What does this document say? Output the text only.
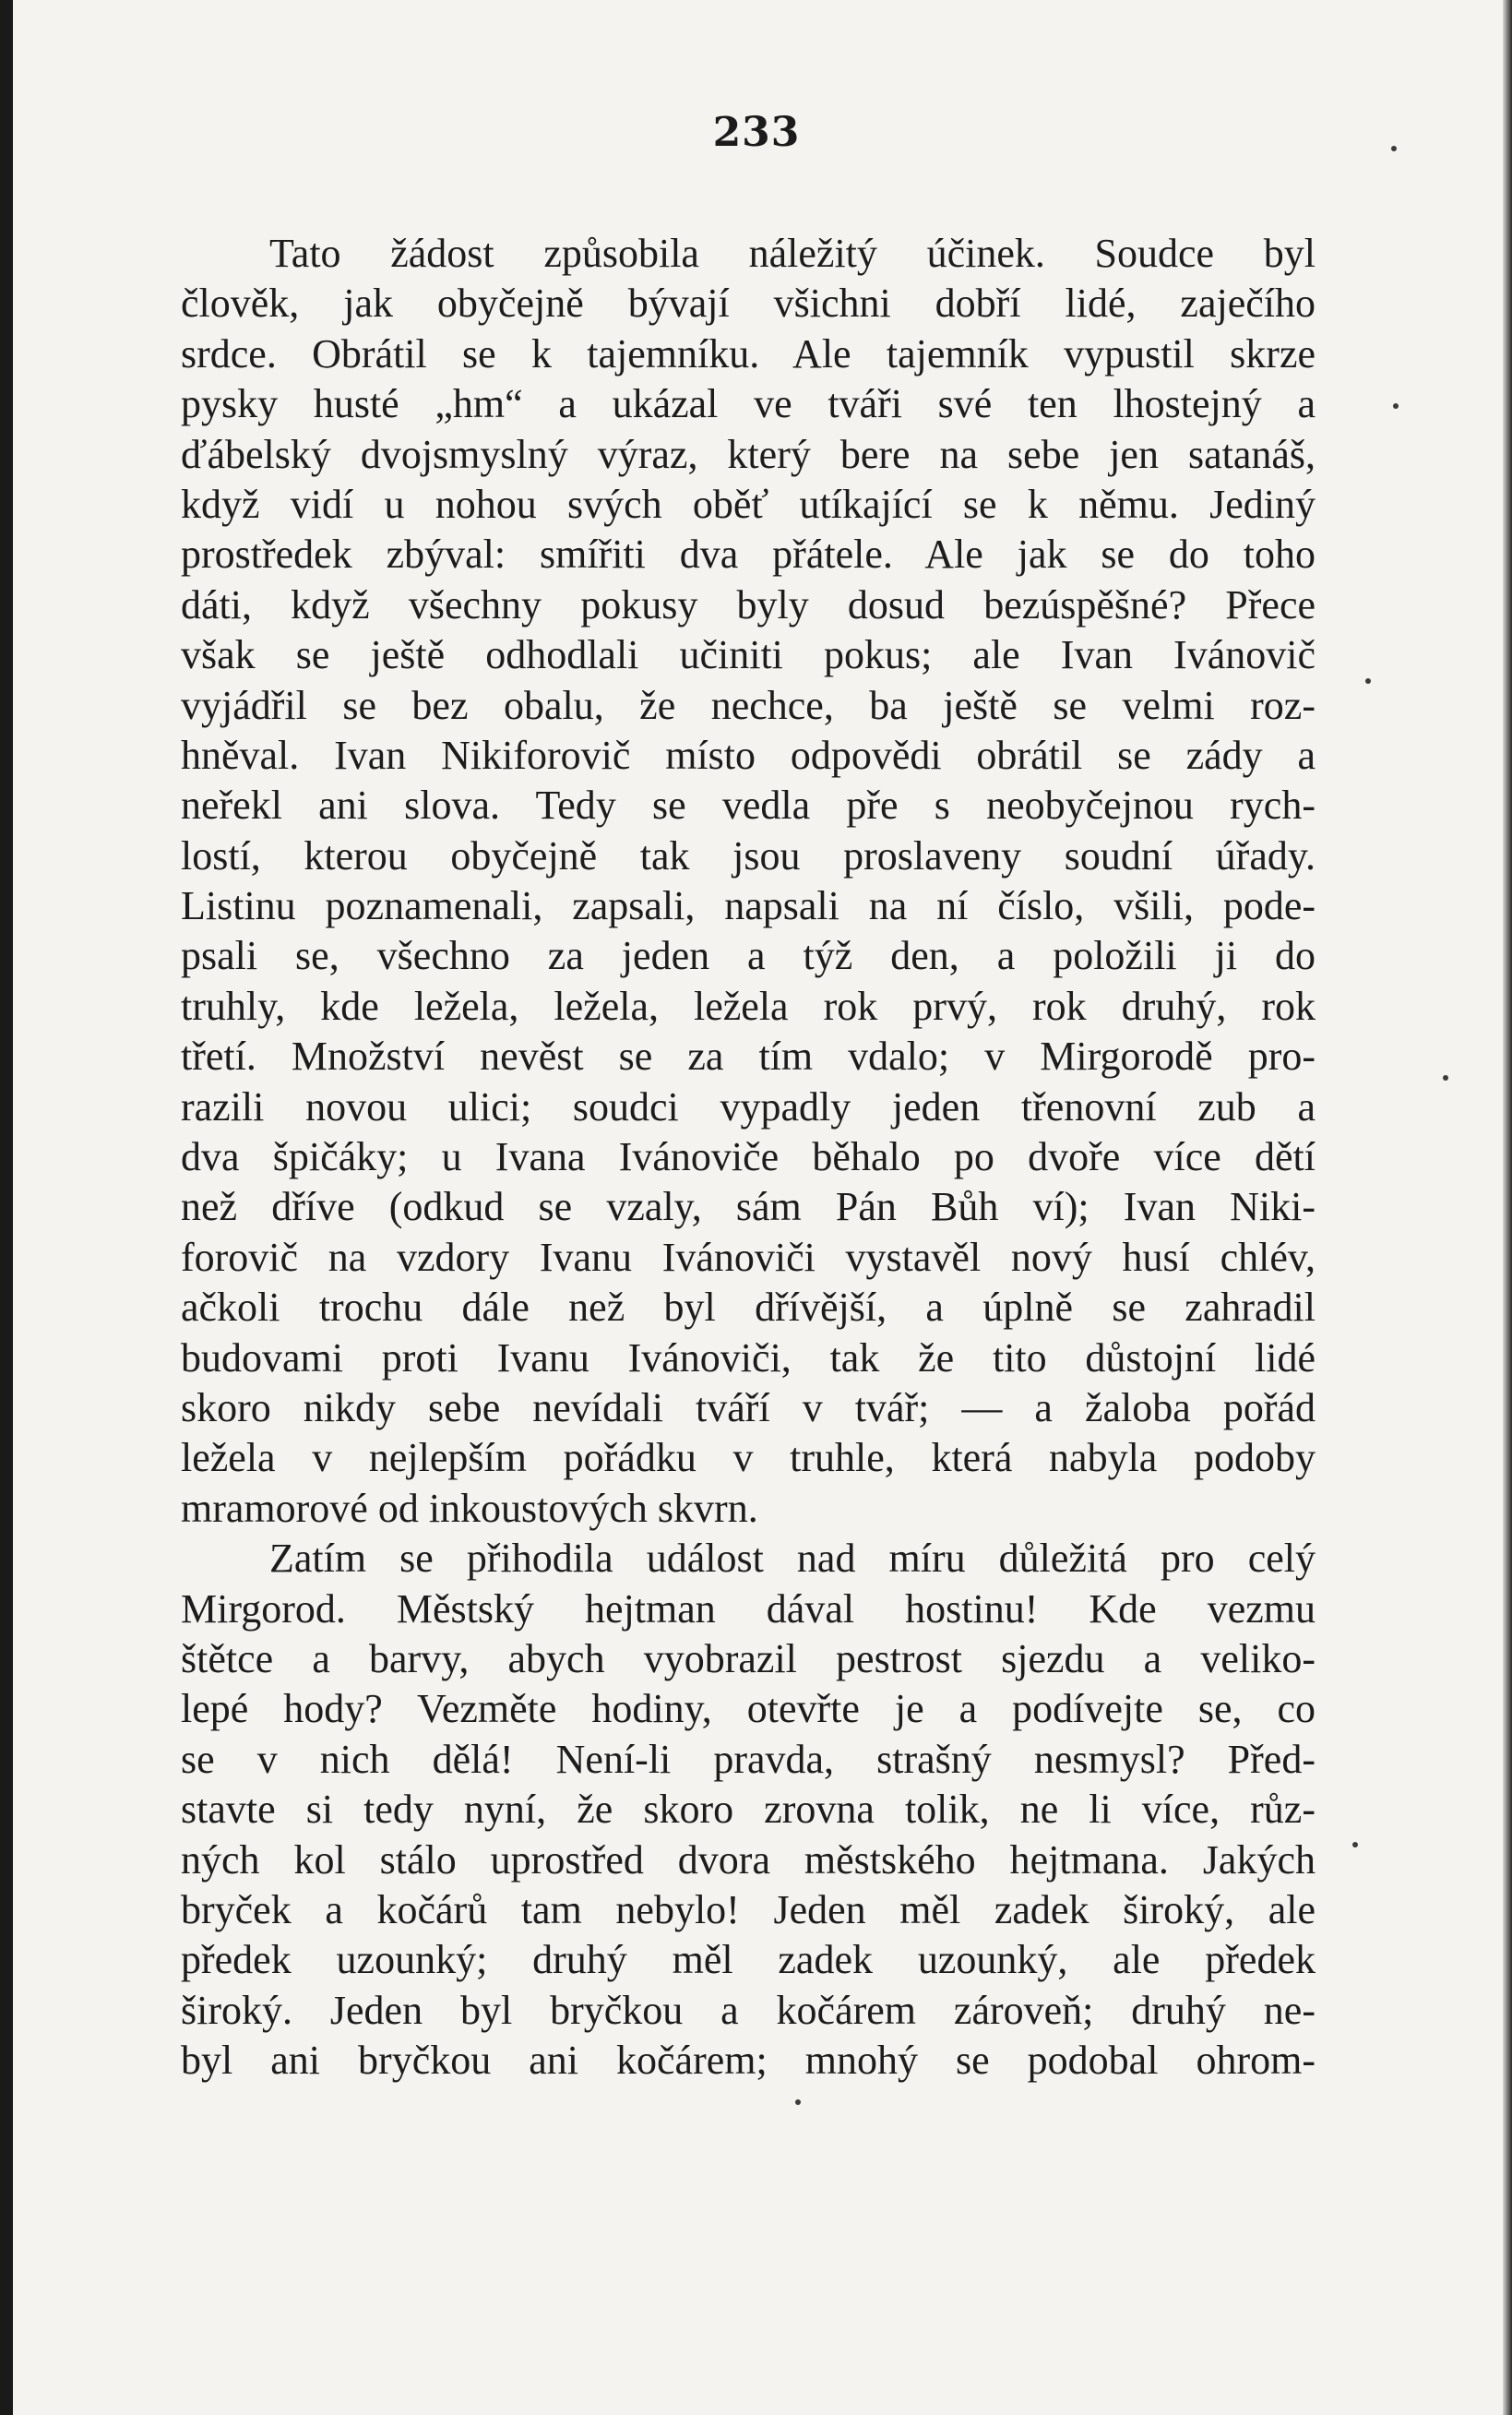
233
Tato žádost způsobila náležitý účinek. Soudce byl
člověk, jak obyčejně bývají všichni dobří lidé, zaječího
srdce. Obrátil se k tajemníku. Ale tajemník vypustil skrze
pysky husté „hm“ a ukázal ve tváři své ten lhostejný a
ďábelský dvojsmyslný výraz, který bere na sebe jen satanáš,
když vidí u nohou svých oběť utíkající se k němu. Jediný
prostředek zbýval: smířiti dva přátele. Ale jak se do toho
dáti, když všechny pokusy byly dosud bezúspěšné? Přece
však se ještě odhodlali učiniti pokus; ale Ivan Ivánovič
vyjádřil se bez obalu, že nechce, ba ještě se velmi roz-
hněval. Ivan Nikiforovič místo odpovědi obrátil se zády a
neřekl ani slova. Tedy se vedla pře s neobyčejnou rych-
lostí, kterou obyčejně tak jsou proslaveny soudní úřady.
Listinu poznamenali, zapsali, napsali na ní číslo, všili, pode-
psali se, všechno za jeden a týž den, a položili ji do
truhly, kde ležela, ležela, ležela rok prvý, rok druhý, rok
třetí. Množství nevěst se za tím vdalo; v Mirgorodě pro-
razili novou ulici; soudci vypadly jeden třenovní zub a
dva špičáky; u Ivana Ivánoviče běhalo po dvoře více dětí
než dříve (odkud se vzaly, sám Pán Bůh ví); Ivan Niki-
forovič na vzdory Ivanu Ivánoviči vystavěl nový husí chlév,
ačkoli trochu dále než byl dřívější, a úplně se zahradil
budovami proti Ivanu Ivánoviči, tak že tito důstojní lidé
skoro nikdy sebe nevídali tváří v tvář; — a žaloba pořád
ležela v nejlepším pořádku v truhle, která nabyla podoby
mramorové od inkoustových skvrn.
Zatím se přihodila událost nad míru důležitá pro celý
Mirgorod. Městský hejtman dával hostinu! Kde vezmu
štětce a barvy, abych vyobrazil pestrost sjezdu a veliko-
lepé hody? Vezměte hodiny, otevřte je a podívejte se, co
se v nich dělá! Není-li pravda, strašný nesmysl? Před-
stavte si tedy nyní, že skoro zrovna tolik, ne li více, růz-
ných kol stálo uprostřed dvora městského hejtmana. Jakých
bryček a kočárů tam nebylo! Jeden měl zadek široký, ale
předek uzounký; druhý měl zadek uzounký, ale předek
široký. Jeden byl bryčkou a kočárem zároveň; druhý ne-
byl ani bryčkou ani kočárem; mnohý se podobal ohrom-
